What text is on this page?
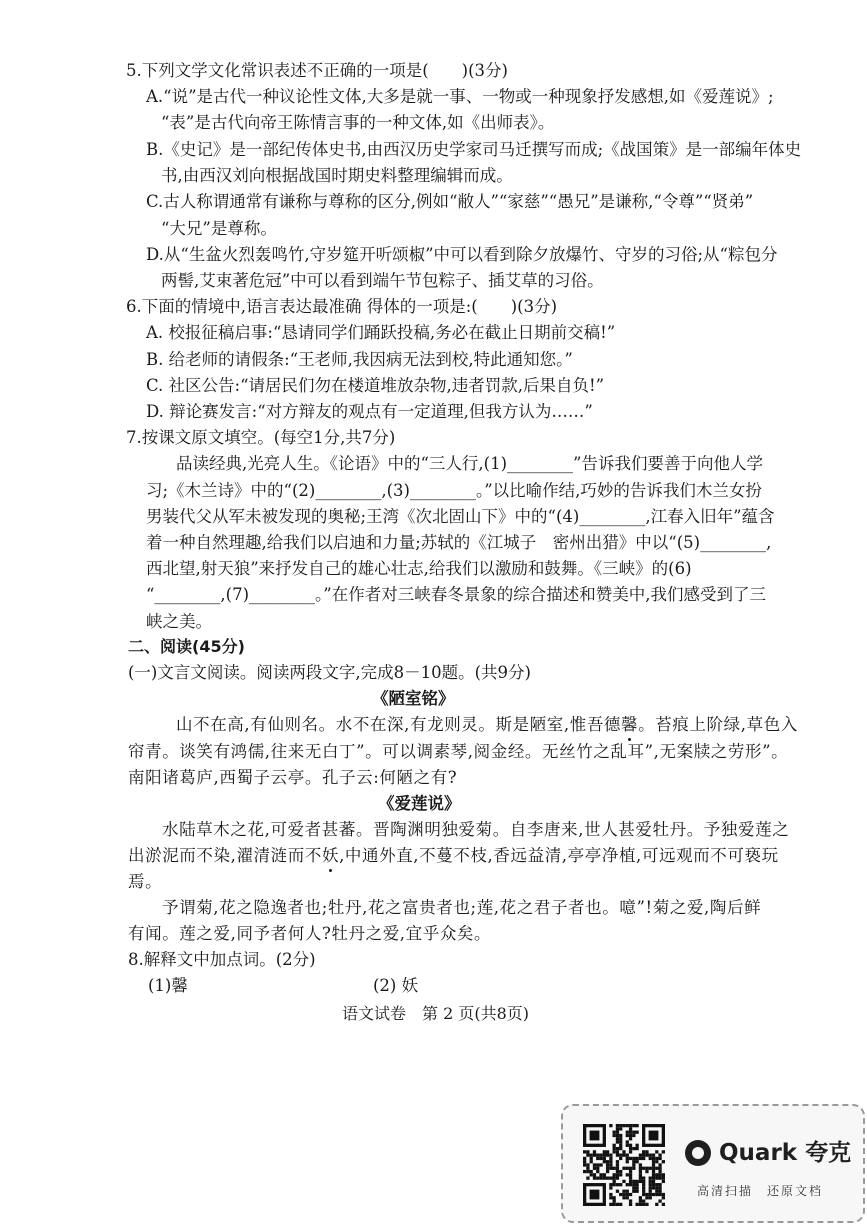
5.下列文学文化常识表述不正确的一项是(　　)(3分)
A.“说”是古代一种议论性文体,大多是就一事、一物或一种现象抒发感想,如《爱莲说》;
“表”是古代向帝王陈情言事的一种文体,如《出师表》。
B.《史记》是一部纪传体史书,由西汉历史学家司马迁撰写而成;《战国策》是一部编年体史
书,由西汉刘向根据战国时期史料整理编辑而成。
C.古人称谓通常有谦称与尊称的区分,例如“敝人”“家慈”“愚兄”是谦称,“令尊”“贤弟”
“大兄”是尊称。
D.从“生盆火烈轰鸣竹,守岁筵开听颂椒”中可以看到除夕放爆竹、守岁的习俗;从“粽包分
两髻,艾束著危冠”中可以看到端午节包粽子、插艾草的习俗。
6.下面的情境中,语言表达最准确 得体的一项是:(　　)(3分)
A. 校报征稿启事:“恳请同学们踊跃投稿,务必在截止日期前交稿!”
B. 给老师的请假条:“王老师,我因病无法到校,特此通知您。”
C. 社区公告:“请居民们勿在楼道堆放杂物,违者罚款,后果自负!”
D. 辩论赛发言:“对方辩友的观点有一定道理,但我方认为……”
7.按课文原文填空。(每空1分,共7分)
品读经典,光亮人生。《论语》中的“三人行,(1)________”告诉我们要善于向他人学
习;《木兰诗》中的“(2)________,(3)________。”以比喻作结,巧妙的告诉我们木兰女扮
男装代父从军未被发现的奥秘;王湾《次北固山下》中的“(4)________,江春入旧年”蕴含
着一种自然理趣,给我们以启迪和力量;苏轼的《江城子　密州出猎》中以“(5)________,
西北望,射天狼”来抒发自己的雄心壮志,给我们以激励和鼓舞。《三峡》的(6)
“________,(7)________。”在作者对三峡春冬景象的综合描述和赞美中,我们感受到了三
峡之美。
二、阅读(45分)
(一)文言文阅读。阅读两段文字,完成8－10题。(共9分)
《陋室铭》
山不在高,有仙则名。水不在深,有龙则灵。斯是陋室,惟吾德馨。苔痕上阶绿,草色入
帘青。谈笑有鸿儒,往来无白丁”。可以调素琴,阅金经。无丝竹之乱耳”,无案牍之劳形”。
南阳诸葛庐,西蜀子云亭。孔子云:何陋之有?
《爱莲说》
水陆草木之花,可爱者甚蕃。晋陶渊明独爱菊。自李唐来,世人甚爱牡丹。予独爱莲之
出淤泥而不染,濯清涟而不妖,中通外直,不蔓不枝,香远益清,亭亭净植,可远观而不可亵玩
焉。
予谓菊,花之隐逸者也;牡丹,花之富贵者也;莲,花之君子者也。噫”!菊之爱,陶后鲜
有闻。莲之爱,同予者何人?牡丹之爱,宜乎众矣。
8.解释文中加点词。(2分)
(1)馨	(2) 妖
语文试卷　第 2 页(共8页)
Quark 夸克
高清扫描　还原文档
